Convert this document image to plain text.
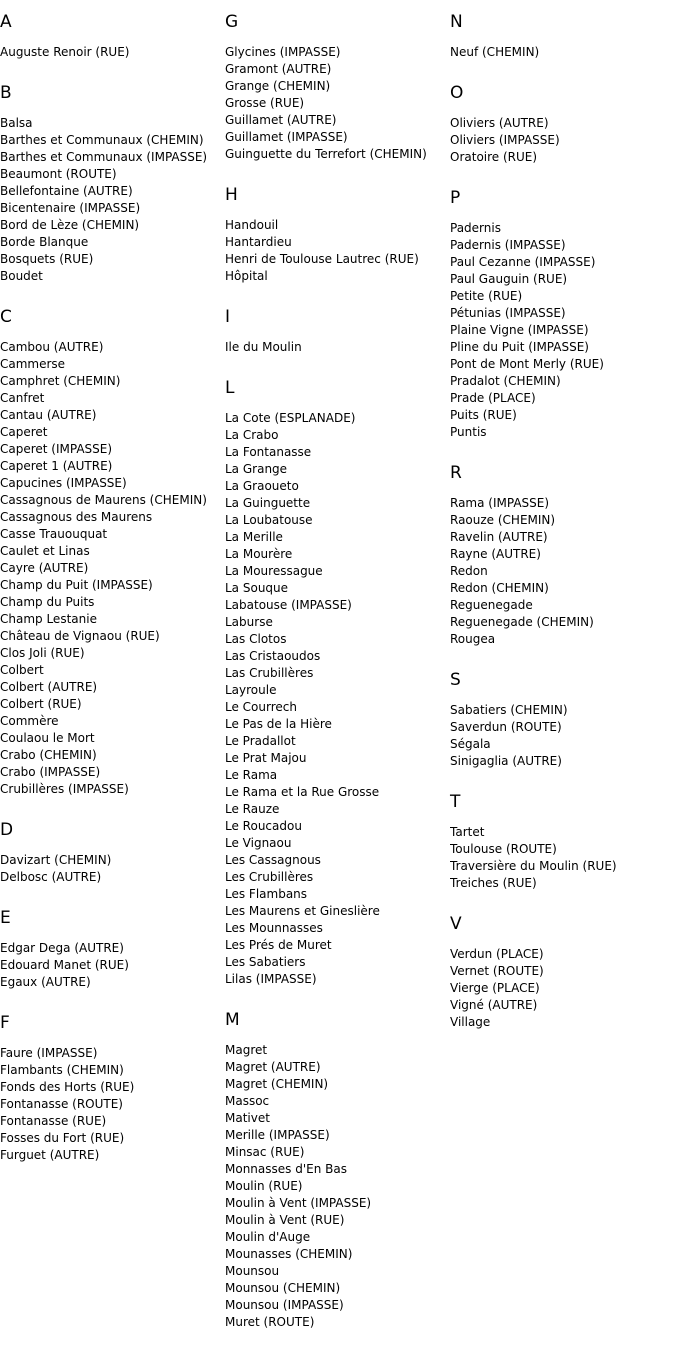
A
Auguste Renoir (RUE)
B
Balsa
Barthes et Communaux (CHEMIN)
Barthes et Communaux (IMPASSE)
Beaumont (ROUTE)
Bellefontaine (AUTRE)
Bicentenaire (IMPASSE)
Bord de Lèze (CHEMIN)
Borde Blanque
Bosquets (RUE)
Boudet
C
Cambou (AUTRE)
Cammerse
Camphret (CHEMIN)
Canfret
Cantau (AUTRE)
Caperet
Caperet (IMPASSE)
Caperet 1 (AUTRE)
Capucines (IMPASSE)
Cassagnous de Maurens (CHEMIN)
Cassagnous des Maurens
Casse Trauouquat
Caulet et Linas
Cayre (AUTRE)
Champ du Puit (IMPASSE)
Champ du Puits
Champ Lestanie
Château de Vignaou (RUE)
Clos Joli (RUE)
Colbert
Colbert (AUTRE)
Colbert (RUE)
Commère
Coulaou le Mort
Crabo (CHEMIN)
Crabo (IMPASSE)
Crubillères (IMPASSE)
D
Davizart (CHEMIN)
Delbosc (AUTRE)
E
Edgar Dega (AUTRE)
Edouard Manet (RUE)
Egaux (AUTRE)
F
Faure (IMPASSE)
Flambants (CHEMIN)
Fonds des Horts (RUE)
Fontanasse (ROUTE)
Fontanasse (RUE)
Fosses du Fort (RUE)
Furguet (AUTRE)
G
Glycines (IMPASSE)
Gramont (AUTRE)
Grange (CHEMIN)
Grosse (RUE)
Guillamet (AUTRE)
Guillamet (IMPASSE)
Guinguette du Terrefort (CHEMIN)
H
Handouil
Hantardieu
Henri de Toulouse Lautrec (RUE)
Hôpital
I
Ile du Moulin
L
La Cote (ESPLANADE)
La Crabo
La Fontanasse
La Grange
La Graoueto
La Guinguette
La Loubatouse
La Merille
La Mourère
La Mouressague
La Souque
Labatouse (IMPASSE)
Laburse
Las Clotos
Las Cristaoudos
Las Crubillères
Layroule
Le Courrech
Le Pas de la Hière
Le Pradallot
Le Prat Majou
Le Rama
Le Rama et la Rue Grosse
Le Rauze
Le Roucadou
Le Vignaou
Les Cassagnous
Les Crubillères
Les Flambans
Les Maurens et Gineslière
Les Mounnasses
Les Prés de Muret
Les Sabatiers
Lilas (IMPASSE)
M
Magret
Magret (AUTRE)
Magret (CHEMIN)
Massoc
Mativet
Merille (IMPASSE)
Minsac (RUE)
Monnasses d'En Bas
Moulin (RUE)
Moulin à Vent (IMPASSE)
Moulin à Vent (RUE)
Moulin d'Auge
Mounasses (CHEMIN)
Mounsou
Mounsou (CHEMIN)
Mounsou (IMPASSE)
Muret (ROUTE)
N
Neuf (CHEMIN)
O
Oliviers (AUTRE)
Oliviers (IMPASSE)
Oratoire (RUE)
P
Padernis
Padernis (IMPASSE)
Paul Cezanne (IMPASSE)
Paul Gauguin (RUE)
Petite (RUE)
Pétunias (IMPASSE)
Plaine Vigne (IMPASSE)
Pline du Puit (IMPASSE)
Pont de Mont Merly (RUE)
Pradalot (CHEMIN)
Prade (PLACE)
Puits (RUE)
Puntis
R
Rama (IMPASSE)
Raouze (CHEMIN)
Ravelin (AUTRE)
Rayne (AUTRE)
Redon
Redon (CHEMIN)
Reguenegade
Reguenegade (CHEMIN)
Rougea
S
Sabatiers (CHEMIN)
Saverdun (ROUTE)
Ségala
Sinigaglia (AUTRE)
T
Tartet
Toulouse (ROUTE)
Traversière du Moulin (RUE)
Treiches (RUE)
V
Verdun (PLACE)
Vernet (ROUTE)
Vierge (PLACE)
Vigné (AUTRE)
Village
